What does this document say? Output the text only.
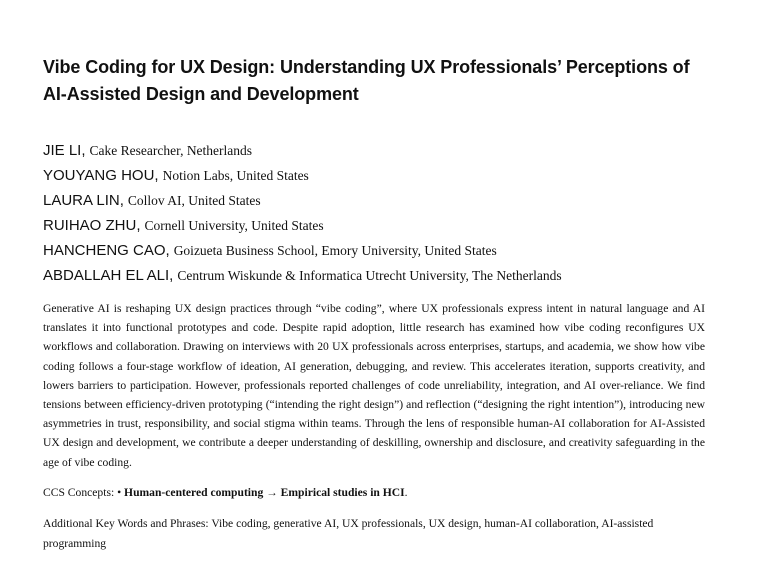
Vibe Coding for UX Design: Understanding UX Professionals’ Perceptions of
AI-Assisted Design and Development
JIE LI, Cake Researcher, Netherlands
YOUYANG HOU, Notion Labs, United States
LAURA LIN, Collov AI, United States
RUIHAO ZHU, Cornell University, United States
HANCHENG CAO, Goizueta Business School, Emory University, United States
ABDALLAH EL ALI, Centrum Wiskunde & Informatica Utrecht University, The Netherlands

Generative AI is reshaping UX design practices through “vibe coding”, where UX professionals express intent in natural language and AI translates it into functional prototypes and code. Despite rapid adoption, little research has examined how vibe coding reconfigures UX workflows and collaboration. Drawing on interviews with 20 UX professionals across enterprises, startups, and academia, we show how vibe coding follows a four-stage workflow of ideation, AI generation, debugging, and review. This accelerates iteration, supports creativity, and lowers barriers to participation. However, professionals reported challenges of code unreliability, integration, and AI over-reliance. We find tensions between efficiency-driven prototyping (“intending the right design”) and reflection (“designing the right intention”), introducing new asymmetries in trust, responsibility, and social stigma within teams. Through the lens of responsible human-AI collaboration for AI-Assisted UX design and development, we contribute a deeper understanding of deskilling, ownership and disclosure, and creativity safeguarding in the age of vibe coding.

CCS Concepts: • Human-centered computing → Empirical studies in HCI.

Additional Key Words and Phrases: Vibe coding, generative AI, UX professionals, UX design, human-AI collaboration, AI-assisted programming
